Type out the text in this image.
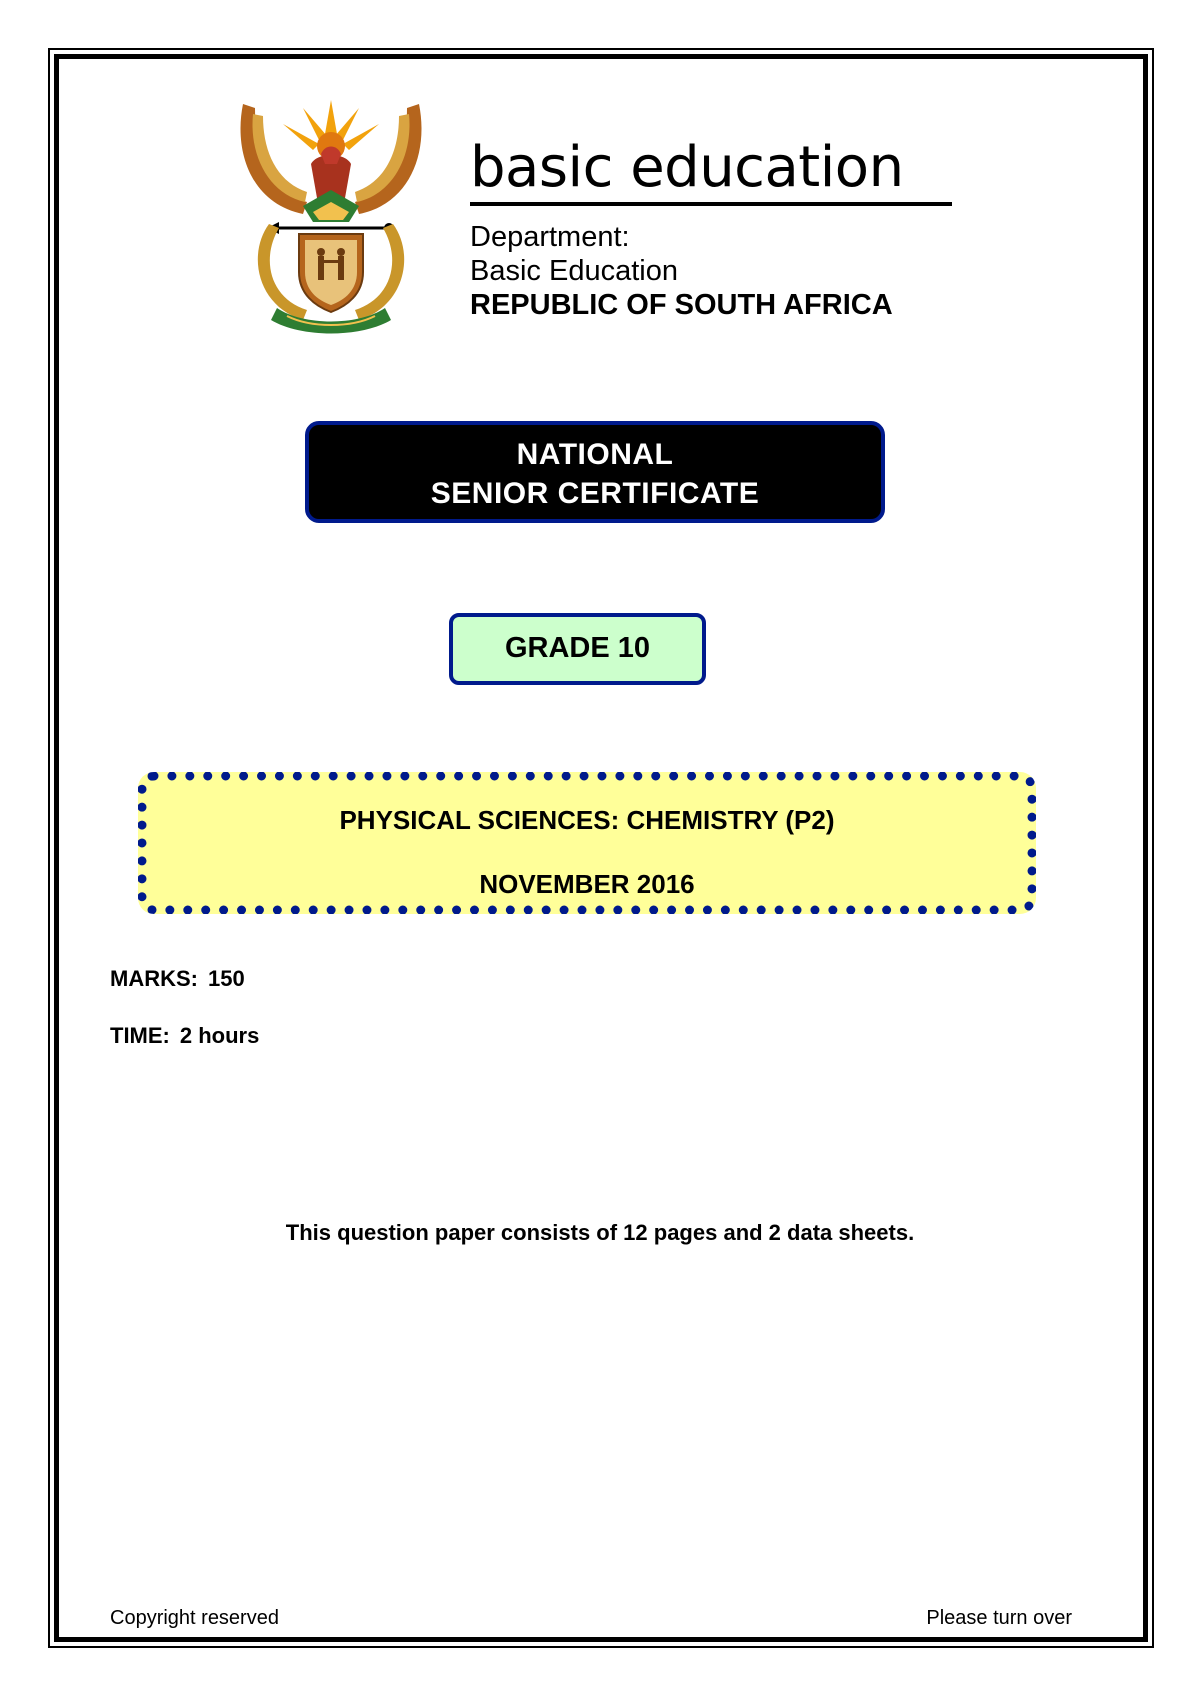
basic education
Department:
Basic Education
REPUBLIC OF SOUTH AFRICA
NATIONAL
SENIOR CERTIFICATE
GRADE 10
PHYSICAL SCIENCES: CHEMISTRY (P2)
NOVEMBER 2016
MARKS: 150
TIME: 2 hours
This question paper consists of 12 pages and 2 data sheets.
Copyright reserved	Please turn over
